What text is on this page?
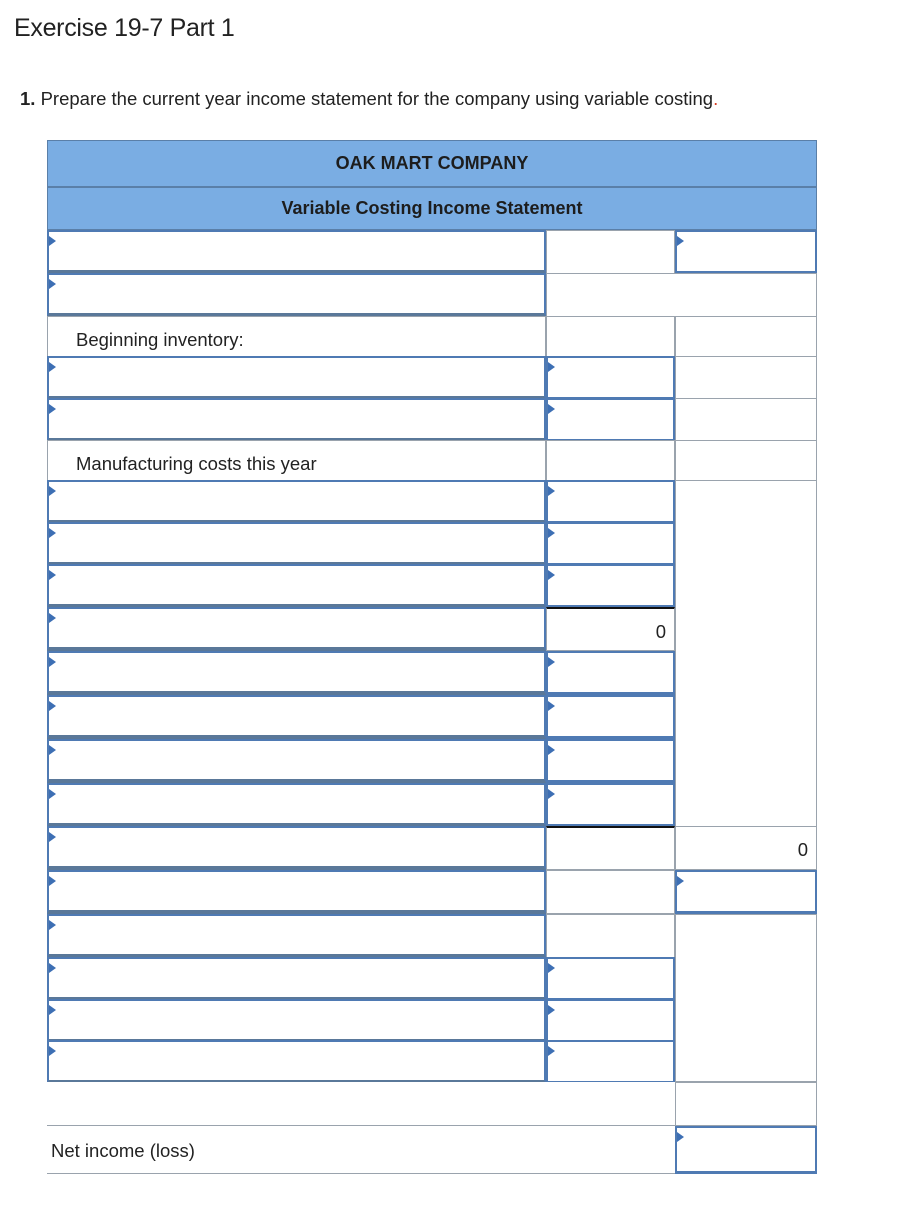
Exercise 19-7 Part 1
1. Prepare the current year income statement for the company using variable costing.
OAK MART COMPANY
Variable Costing Income Statement
Beginning inventory:
Manufacturing costs this year
0
0
Net income (loss)
